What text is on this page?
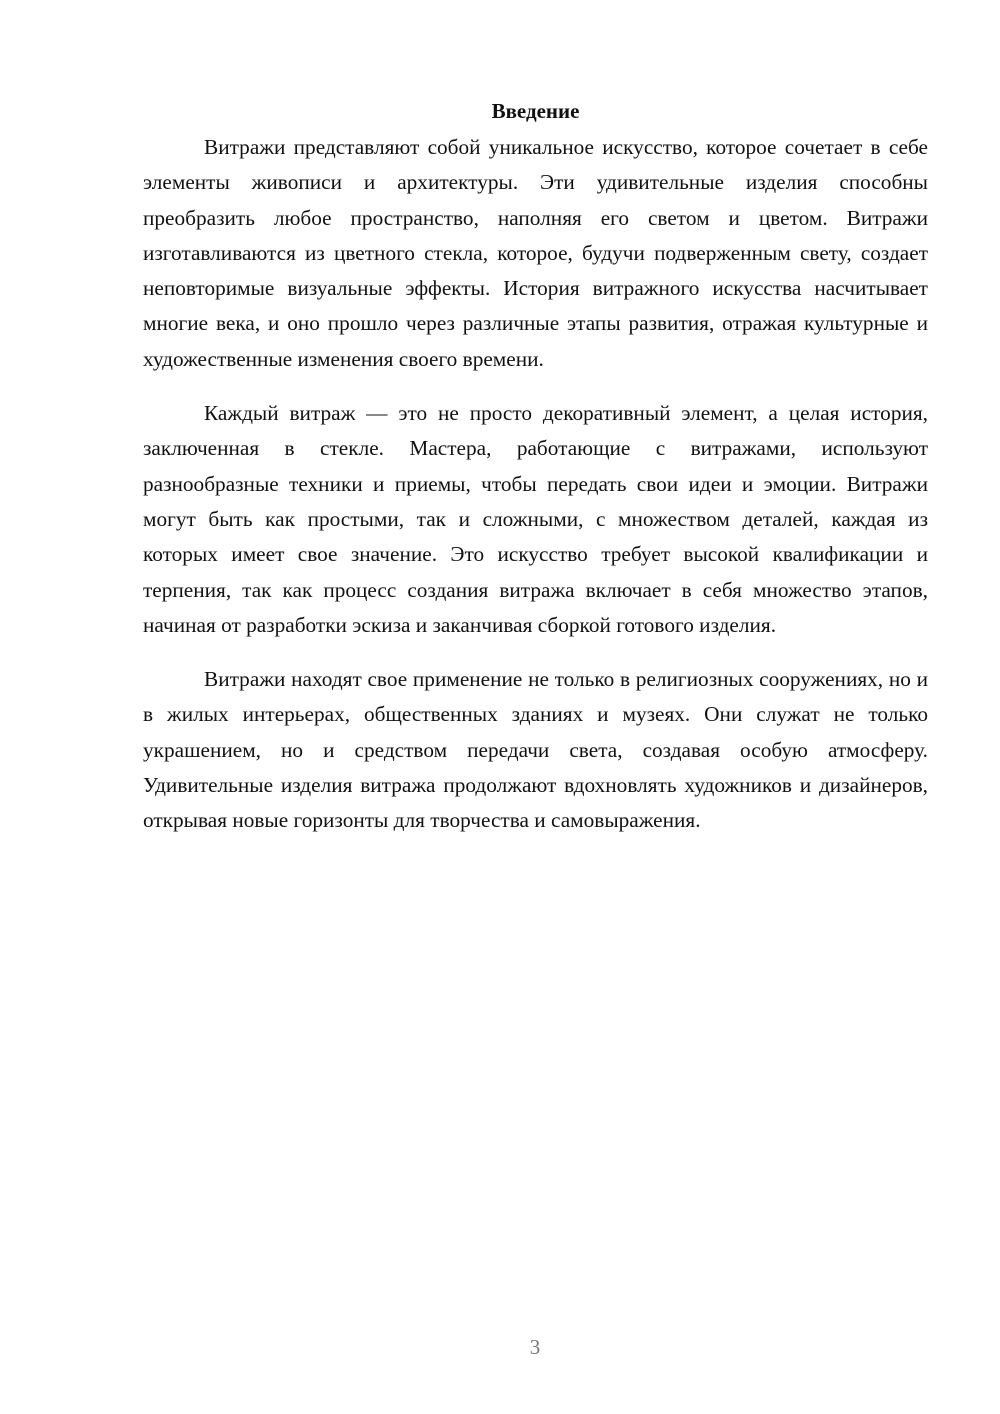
Введение

Витражи представляют собой уникальное искусство, которое сочетает в себе элементы живописи и архитектуры. Эти удивительные изделия способны преобразить любое пространство, наполняя его светом и цветом. Витражи изготавливаются из цветного стекла, которое, будучи подверженным свету, создает неповторимые визуальные эффекты. История витражного искусства насчитывает многие века, и оно прошло через различные этапы развития, отражая культурные и художественные изменения своего времени.

Каждый витраж — это не просто декоративный элемент, а целая история, заключенная в стекле. Мастера, работающие с витражами, используют разнообразные техники и приемы, чтобы передать свои идеи и эмоции. Витражи могут быть как простыми, так и сложными, с множеством деталей, каждая из которых имеет свое значение. Это искусство требует высокой квалификации и терпения, так как процесс создания витража включает в себя множество этапов, начиная от разработки эскиза и заканчивая сборкой готового изделия.

Витражи находят свое применение не только в религиозных сооружениях, но и в жилых интерьерах, общественных зданиях и музеях. Они служат не только украшением, но и средством передачи света, создавая особую атмосферу. Удивительные изделия витража продолжают вдохновлять художников и дизайнеров, открывая новые горизонты для творчества и самовыражения.

3
